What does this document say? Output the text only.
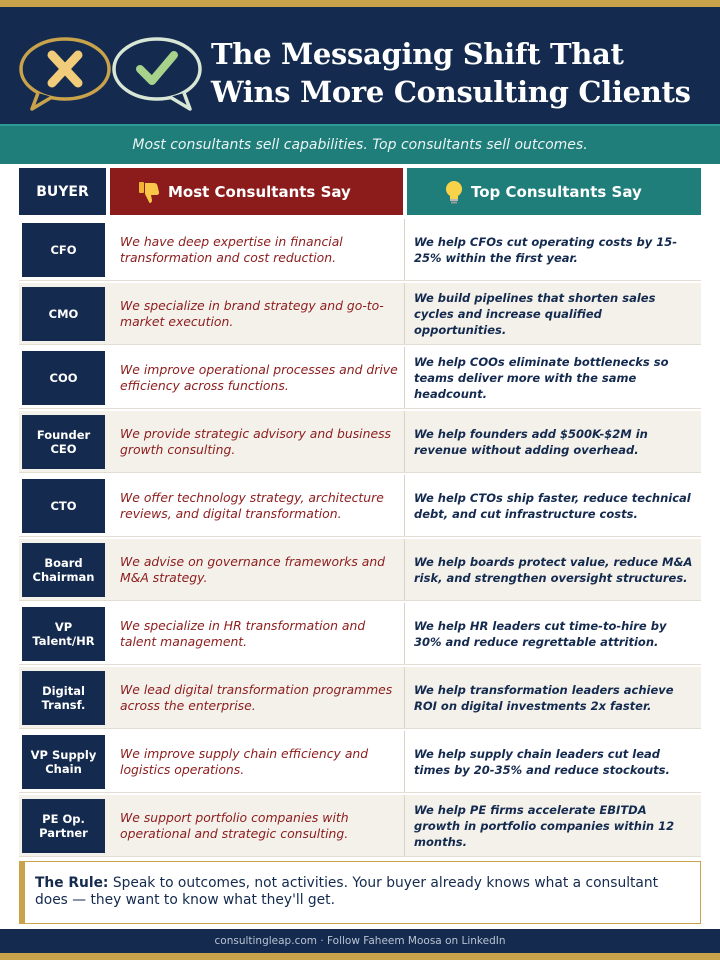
The Messaging Shift That
Wins More Consulting Clients
Most consultants sell capabilities. Top consultants sell outcomes.
BUYER	Most Consultants Say	Top Consultants Say
CFO
We have deep expertise in financial transformation and cost reduction.
We help CFOs cut operating costs by 15-25% within the first year.
CMO
We specialize in brand strategy and go-to-market execution.
We build pipelines that shorten sales cycles and increase qualified opportunities.
COO
We improve operational processes and drive efficiency across functions.
We help COOs eliminate bottlenecks so teams deliver more with the same headcount.
Founder CEO
We provide strategic advisory and business growth consulting.
We help founders add $500K-$2M in revenue without adding overhead.
CTO
We offer technology strategy, architecture reviews, and digital transformation.
We help CTOs ship faster, reduce technical debt, and cut infrastructure costs.
Board Chairman
We advise on governance frameworks and M&A strategy.
We help boards protect value, reduce M&A risk, and strengthen oversight structures.
VP Talent/HR
We specialize in HR transformation and talent management.
We help HR leaders cut time-to-hire by 30% and reduce regrettable attrition.
Digital Transf.
We lead digital transformation programmes across the enterprise.
We help transformation leaders achieve ROI on digital investments 2x faster.
VP Supply Chain
We improve supply chain efficiency and logistics operations.
We help supply chain leaders cut lead times by 20-35% and reduce stockouts.
PE Op. Partner
We support portfolio companies with operational and strategic consulting.
We help PE firms accelerate EBITDA growth in portfolio companies within 12 months.
The Rule: Speak to outcomes, not activities. Your buyer already knows what a consultant does — they want to know what they'll get.
consultingleap.com · Follow Faheem Moosa on LinkedIn
